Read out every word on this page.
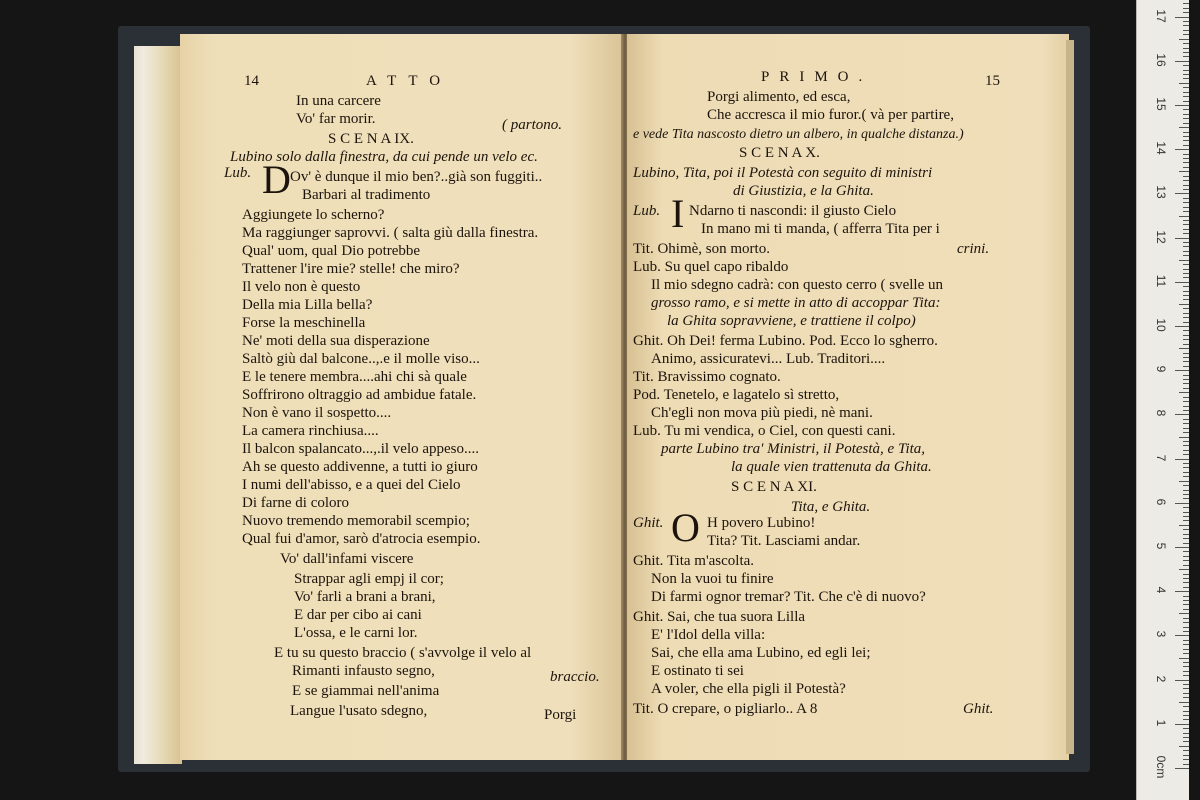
14	ATTO
In una carcere
Vo' far morir.	( partono.
S C E N A IX.
Lubino solo dalla finestra, da cui pende un velo ec.
Lub. D Ov' è dunque il mio ben?..già son fuggiti..
Barbari al tradimento
Aggiungete lo scherno?
Ma raggiunger saprovvi. ( salta giù dalla finestra.
Qual' uom, qual Dio potrebbe
Trattener l'ire mie? stelle! che miro?
Il velo non è questo
Della mia Lilla bella?
Forse la meschinella
Ne' moti della sua disperazione
Saltò giù dal balcone..,.e il molle viso...
E le tenere membra....ahi chi sà quale
Soffrirono oltraggio ad ambidue fatale.
Non è vano il sospetto....
La camera rinchiusa....
Il balcon spalancato...,.il velo appeso....
Ah se questo addivenne, a tutti io giuro
I numi dell'abisso, e a quei del Cielo
Di farne di coloro
Nuovo tremendo memorabil scempio;
Qual fui d'amor, sarò d'atrocia esempio.
Vo' dall'infami viscere
Strappar agli empj il cor;
Vo' farli a brani a brani,
E dar per cibo ai cani
L'ossa, e le carni lor.
E tu su questo braccio ( s'avvolge il velo al
Rimanti infausto segno,	braccio.
E se giammai nell'anima
Langue l'usato sdegno,	Porgi
PRIMO.	15
Porgi alimento, ed esca,
Che accresca il mio furor.( và per partire,
e vede Tita nascosto dietro un albero, in qualche distanza.)
S C E N A X.
Lubino, Tita, poi il Potestà con seguito di ministri
di Giustizia, e la Ghita.
Lub. I Ndarno ti nascondi: il giusto Cielo
In mano mi ti manda, ( afferra Tita per i
Tit. Ohimè, son morto.	crini.
Lub. Su quel capo ribaldo
Il mio sdegno cadrà: con questo cerro ( svelle un
grosso ramo, e si mette in atto di accoppar Tita:
la Ghita sopravviene, e trattiene il colpo)
Ghit. Oh Dei! ferma Lubino. Pod. Ecco lo sgherro.
Animo, assicuratevi... Lub. Traditori....
Tit. Bravissimo cognato.
Pod. Tenetelo, e lagatelo sì stretto,
Ch'egli non mova più piedi, nè mani.
Lub. Tu mi vendica, o Ciel, con questi cani.
parte Lubino tra' Ministri, il Potestà, e Tita,
la quale vien trattenuta da Ghita.
S C E N A XI.
Tita, e Ghita.
Ghit. O H povero Lubino!
Tita? Tit. Lasciami andar.
Ghit. Tita m'ascolta.
Non la vuoi tu finire
Di farmi ognor tremar? Tit. Che c'è di nuovo?
Ghit. Sai, che tua suora Lilla
E' l'Idol della villa:
Sai, che ella ama Lubino, ed egli lei;
E ostinato ti sei
A voler, che ella pigli il Potestà?
Tit. O crepare, o pigliarlo.. A 8	Ghit.
0cm
1
2
3
4
5
6
7
8
9
10
11
12
13
14
15
16
17
